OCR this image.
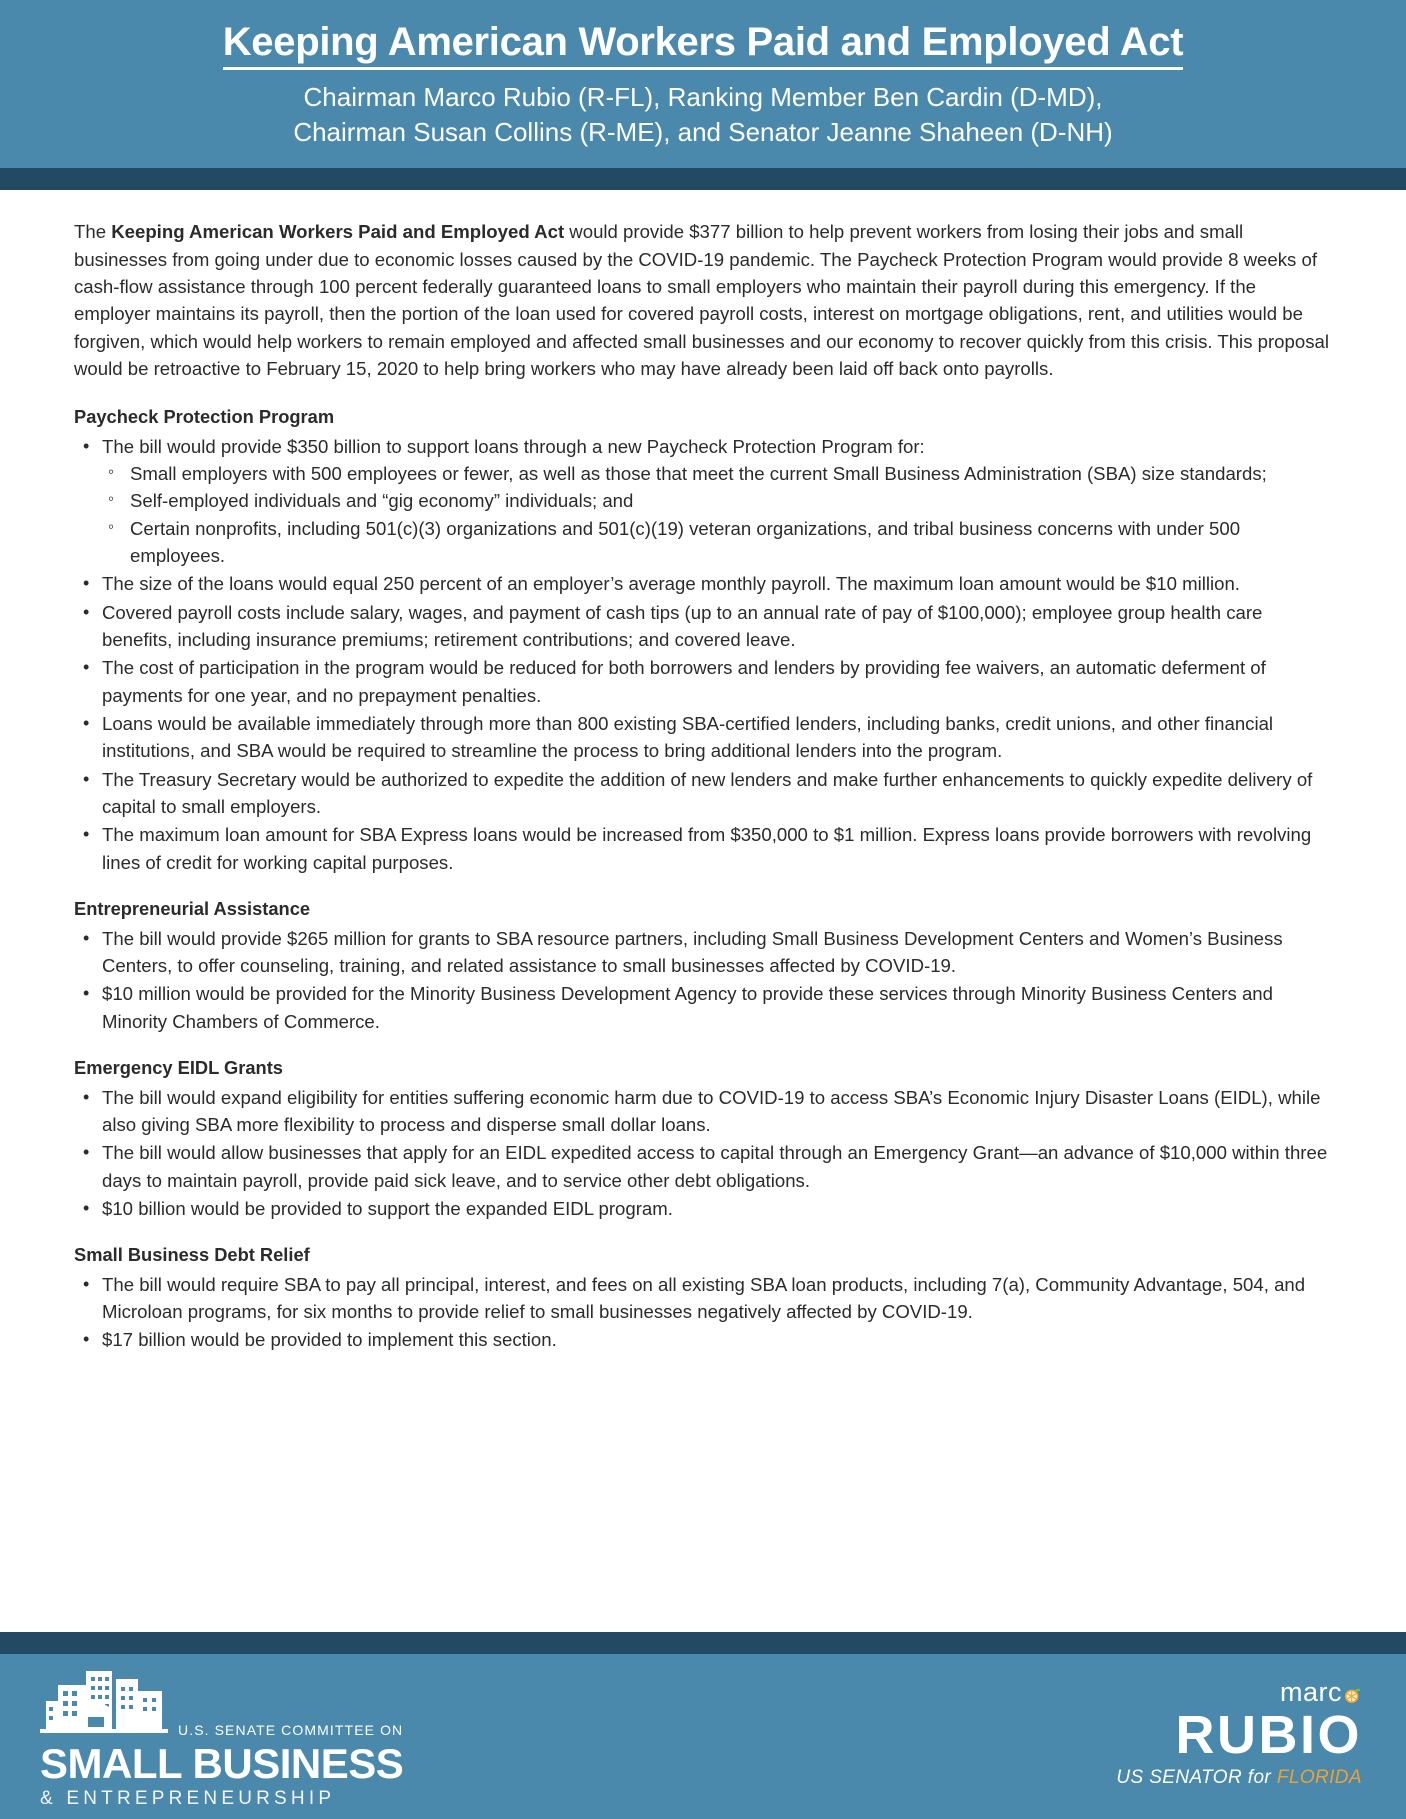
Keeping American Workers Paid and Employed Act
Chairman Marco Rubio (R-FL), Ranking Member Ben Cardin (D-MD),
Chairman Susan Collins (R-ME), and Senator Jeanne Shaheen (D-NH)

The Keeping American Workers Paid and Employed Act would provide $377 billion to help prevent workers from losing their jobs and small businesses from going under due to economic losses caused by the COVID-19 pandemic. The Paycheck Protection Program would provide 8 weeks of cash-flow assistance through 100 percent federally guaranteed loans to small employers who maintain their payroll during this emergency. If the employer maintains its payroll, then the portion of the loan used for covered payroll costs, interest on mortgage obligations, rent, and utilities would be forgiven, which would help workers to remain employed and affected small businesses and our economy to recover quickly from this crisis. This proposal would be retroactive to February 15, 2020 to help bring workers who may have already been laid off back onto payrolls.

Paycheck Protection Program
• The bill would provide $350 billion to support loans through a new Paycheck Protection Program for:
◦ Small employers with 500 employees or fewer, as well as those that meet the current Small Business Administration (SBA) size standards;
◦ Self-employed individuals and “gig economy” individuals; and
◦ Certain nonprofits, including 501(c)(3) organizations and 501(c)(19) veteran organizations, and tribal business concerns with under 500 employees.
• The size of the loans would equal 250 percent of an employer’s average monthly payroll. The maximum loan amount would be $10 million.
• Covered payroll costs include salary, wages, and payment of cash tips (up to an annual rate of pay of $100,000); employee group health care benefits, including insurance premiums; retirement contributions; and covered leave.
• The cost of participation in the program would be reduced for both borrowers and lenders by providing fee waivers, an automatic deferment of payments for one year, and no prepayment penalties.
• Loans would be available immediately through more than 800 existing SBA-certified lenders, including banks, credit unions, and other financial institutions, and SBA would be required to streamline the process to bring additional lenders into the program.
• The Treasury Secretary would be authorized to expedite the addition of new lenders and make further enhancements to quickly expedite delivery of capital to small employers.
• The maximum loan amount for SBA Express loans would be increased from $350,000 to $1 million. Express loans provide borrowers with revolving lines of credit for working capital purposes.
Entrepreneurial Assistance
• The bill would provide $265 million for grants to SBA resource partners, including Small Business Development Centers and Women’s Business Centers, to offer counseling, training, and related assistance to small businesses affected by COVID-19.
• $10 million would be provided for the Minority Business Development Agency to provide these services through Minority Business Centers and Minority Chambers of Commerce.
Emergency EIDL Grants
• The bill would expand eligibility for entities suffering economic harm due to COVID-19 to access SBA’s Economic Injury Disaster Loans (EIDL), while also giving SBA more flexibility to process and disperse small dollar loans.
• The bill would allow businesses that apply for an EIDL expedited access to capital through an Emergency Grant—an advance of $10,000 within three days to maintain payroll, provide paid sick leave, and to service other debt obligations.
• $10 billion would be provided to support the expanded EIDL program.
Small Business Debt Relief
• The bill would require SBA to pay all principal, interest, and fees on all existing SBA loan products, including 7(a), Community Advantage, 504, and Microloan programs, for six months to provide relief to small businesses negatively affected by COVID-19.
• $17 billion would be provided to implement this section.
U.S. SENATE COMMITTEE ON
SMALL BUSINESS
& ENTREPRENEURSHIP
marc
RUBIO
US SENATOR for FLORIDA
